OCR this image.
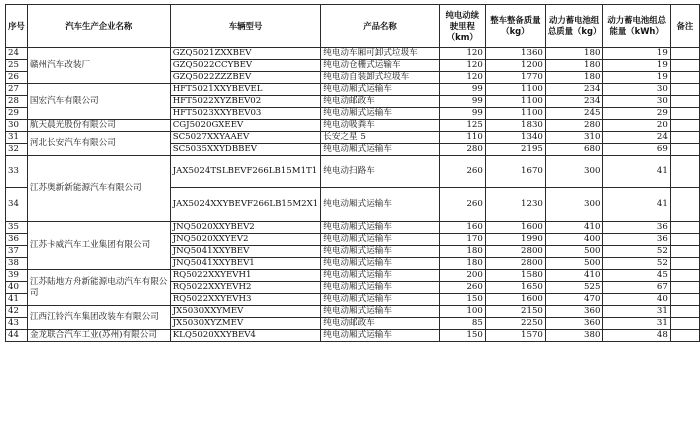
序号	汽车生产企业名称	车辆型号	产品名称	纯电动续驶里程（km）	整车整备质量（kg）	动力蓄电池组总质量（kg）	动力蓄电池组总能量（kWh）	备注
24	赣州汽车改装厂	GZQ5021ZXXBEV	纯电动车厢可卸式垃圾车	120	1360	180	19	
25		GZQ5022CCYBEV	纯电动仓栅式运输车	120	1200	180	19	
26		GZQ5022ZZZBEV	纯电动自装卸式垃圾车	120	1770	180	19	
27	国宏汽车有限公司	HFT5021XXYBEVEL	纯电动厢式运输车	99	1100	234	30	
28		HFT5022XYZBEV02	纯电动邮政车	99	1100	234	30	
29		HFT5023XXYBEV03	纯电动厢式运输车	99	1100	245	29	
30	航天晨光股份有限公司	CGJ5020GXEEV	纯电动吸粪车	125	1830	280	20	
31	河北长安汽车有限公司	SC5027XXYAAEV	长安之星 5	110	1340	310	24	
32		SC5035XXYDBBEV	纯电动厢式运输车	280	2195	680	69	
33	江苏奥新新能源汽车有限公司	JAX5024TSLBEVF266LB15M1T1	纯电动扫路车	260	1670	300	41	
34		JAX5024XXYBEVF266LB15M2X1	纯电动厢式运输车	260	1230	300	41	
35	江苏卡威汽车工业集团有限公司	JNQ5020XXYBEV2	纯电动厢式运输车	160	1600	410	36	
36		JNQ5020XXYEV2	纯电动厢式运输车	170	1990	400	36	
37		JNQ5041XXYBEV	纯电动厢式运输车	180	2800	500	52	
38		JNQ5041XXYBEV1	纯电动厢式运输车	180	2800	500	52	
39	江苏陆地方舟新能源电动汽车有限公司	RQ5022XXYEVH1	纯电动厢式运输车	200	1580	410	45	
40		RQ5022XXYEVH2	纯电动厢式运输车	260	1650	525	67	
41		RQ5022XXYEVH3	纯电动厢式运输车	150	1600	470	40	
42	江西江铃汽车集团改装车有限公司	JX5030XXYMEV	纯电动厢式运输车	100	2150	360	31	
43		JX5030XYZMEV	纯电动邮政车	85	2250	360	31	
44	金龙联合汽车工业(苏州)有限公司	KLQ5020XXYBEV4	纯电动厢式运输车	150	1570	380	48	
